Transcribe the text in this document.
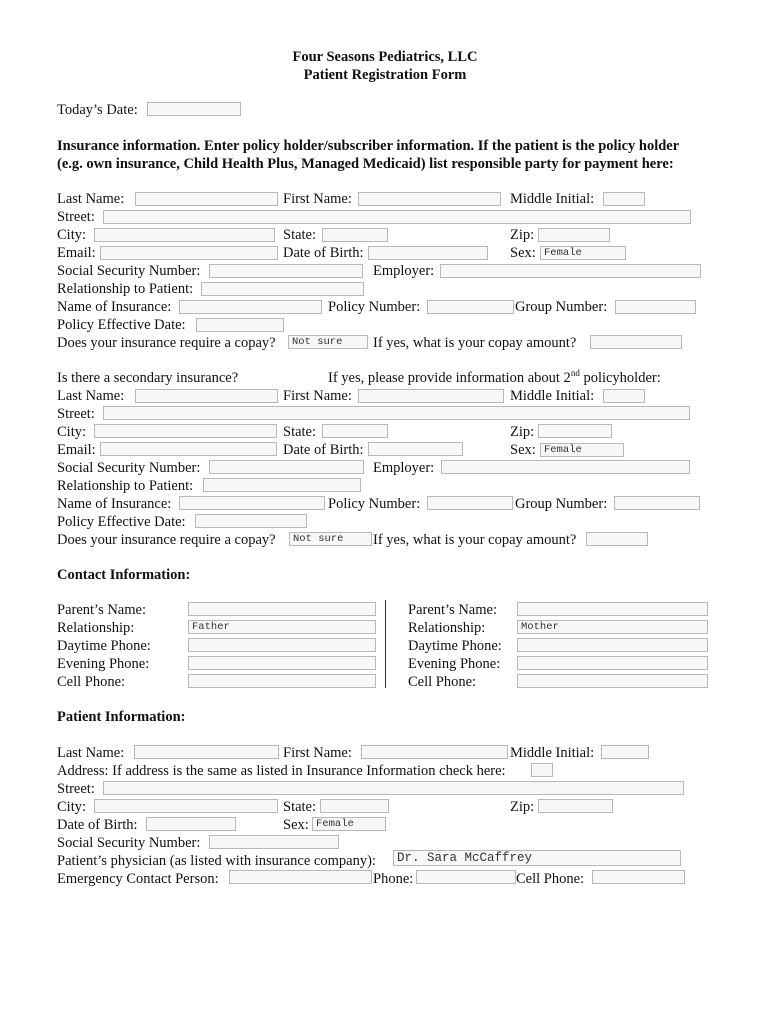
Four Seasons Pediatrics, LLC
Patient Registration Form
Today’s Date:
Insurance information. Enter policy holder/subscriber information. If the patient is the policy holder
(e.g. own insurance, Child Health Plus, Managed Medicaid) list responsible party for payment here:
Last Name:	First Name:	Middle Initial:
Street:
City:	State:	Zip:
Email:	Date of Birth:	Sex: Female
Social Security Number:	Employer:
Relationship to Patient:
Name of Insurance:	Policy Number:	Group Number:
Policy Effective Date:
Does your insurance require a copay?	Not sure	If yes, what is your copay amount?
Is there a secondary insurance?	If yes, please provide information about 2nd policyholder:
Last Name:	First Name:	Middle Initial:
Street:
City:	State:	Zip:
Email:	Date of Birth:	Sex: Female
Social Security Number:	Employer:
Relationship to Patient:
Name of Insurance:	Policy Number:	Group Number:
Policy Effective Date:
Does your insurance require a copay?	Not sure	If yes, what is your copay amount?
Contact Information:
Parent’s Name:
Relationship:	Father
Daytime Phone:
Evening Phone:
Cell Phone:
Parent’s Name:
Relationship:	Mother
Daytime Phone:
Evening Phone:
Cell Phone:
Patient Information:
Last Name:	First Name:	Middle Initial:
Address: If address is the same as listed in Insurance Information check here:
Street:
City:	State:	Zip:
Date of Birth:	Sex: Female
Social Security Number:
Patient’s physician (as listed with insurance company):	Dr. Sara McCaffrey
Emergency Contact Person:	Phone:	Cell Phone:
